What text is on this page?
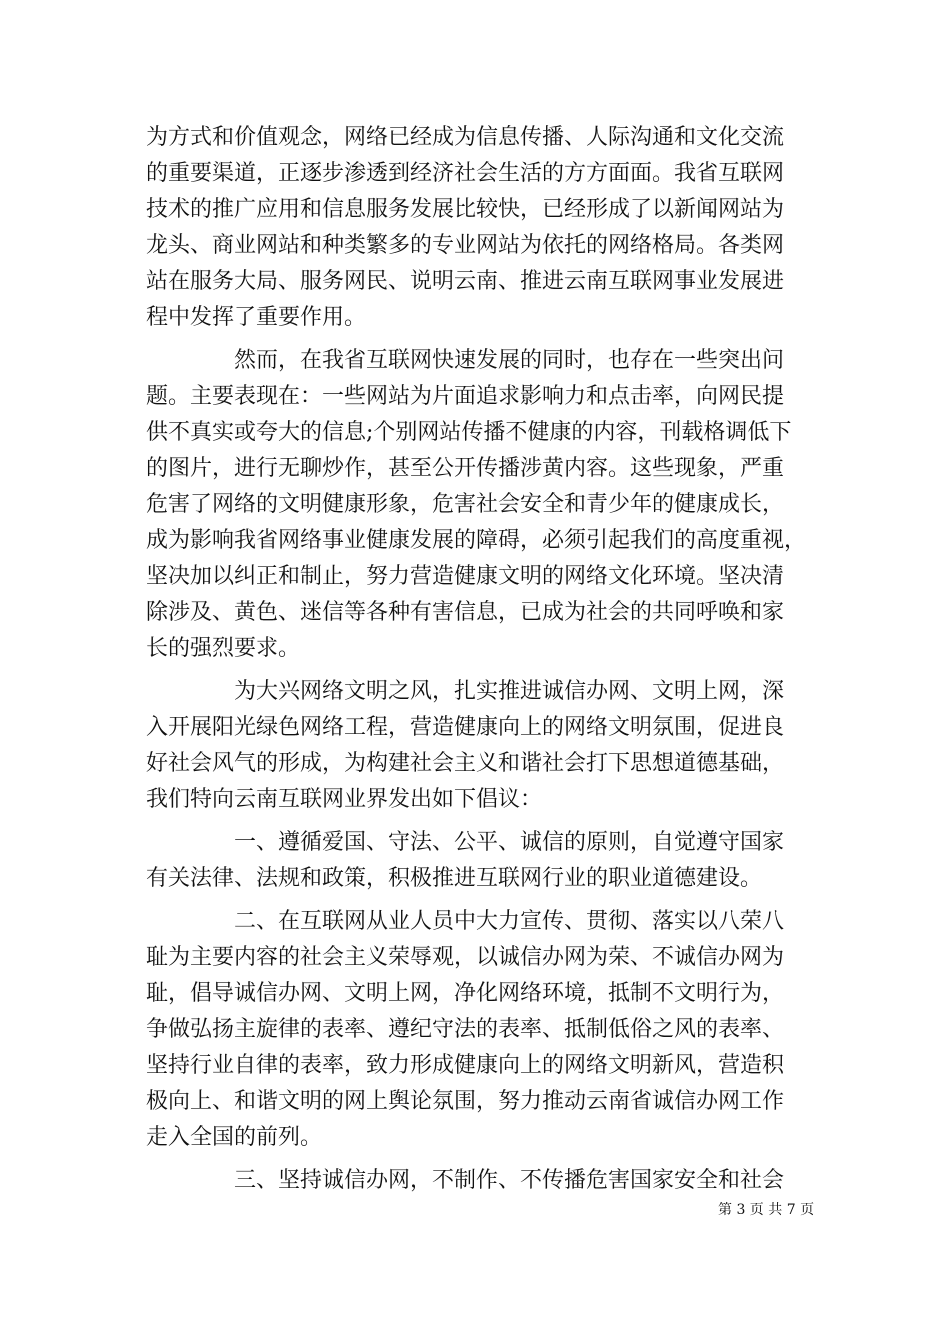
为方式和价值观念，网络已经成为信息传播、人际沟通和文化交流
的重要渠道，正逐步渗透到经济社会生活的方方面面。我省互联网
技术的推广应用和信息服务发展比较快，已经形成了以新闻网站为
龙头、商业网站和种类繁多的专业网站为依托的网络格局。各类网
站在服务大局、服务网民、说明云南、推进云南互联网事业发展进
程中发挥了重要作用。
然而，在我省互联网快速发展的同时，也存在一些突出问
题。主要表现在：一些网站为片面追求影响力和点击率，向网民提
供不真实或夸大的信息;个别网站传播不健康的内容，刊载格调低下
的图片，进行无聊炒作，甚至公开传播涉黄内容。这些现象，严重
危害了网络的文明健康形象，危害社会安全和青少年的健康成长，
成为影响我省网络事业健康发展的障碍，必须引起我们的高度重视，
坚决加以纠正和制止，努力营造健康文明的网络文化环境。坚决清
除涉及、黄色、迷信等各种有害信息，已成为社会的共同呼唤和家
长的强烈要求。
为大兴网络文明之风，扎实推进诚信办网、文明上网，深
入开展阳光绿色网络工程，营造健康向上的网络文明氛围，促进良
好社会风气的形成，为构建社会主义和谐社会打下思想道德基础，
我们特向云南互联网业界发出如下倡议：
一、遵循爱国、守法、公平、诚信的原则，自觉遵守国家
有关法律、法规和政策，积极推进互联网行业的职业道德建设。
二、在互联网从业人员中大力宣传、贯彻、落实以八荣八
耻为主要内容的社会主义荣辱观，以诚信办网为荣、不诚信办网为
耻，倡导诚信办网、文明上网，净化网络环境，抵制不文明行为，
争做弘扬主旋律的表率、遵纪守法的表率、抵制低俗之风的表率、
坚持行业自律的表率，致力形成健康向上的网络文明新风，营造积
极向上、和谐文明的网上舆论氛围，努力推动云南省诚信办网工作
走入全国的前列。
三、坚持诚信办网，不制作、不传播危害国家安全和社会
第 3 页 共 7 页
